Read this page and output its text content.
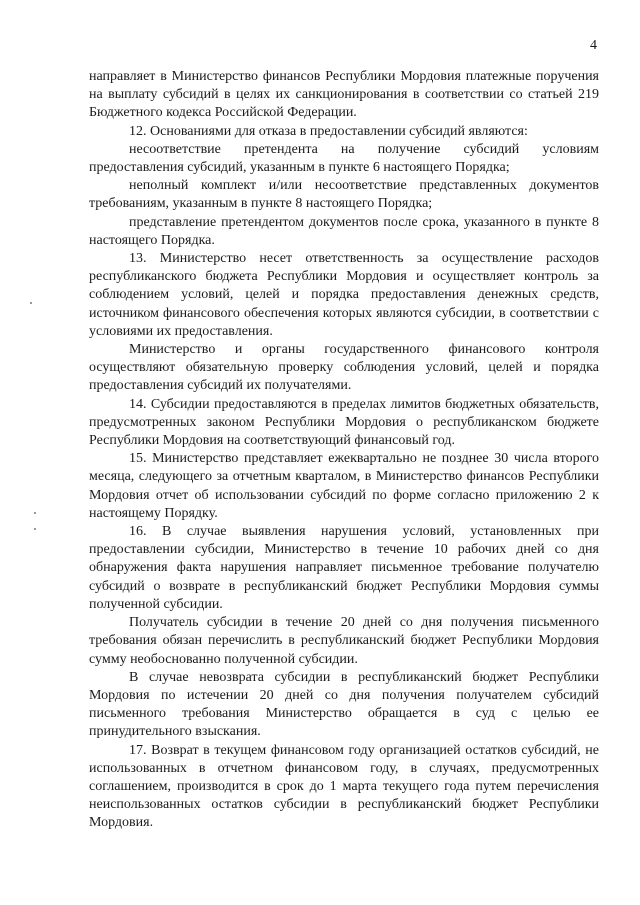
4

направляет в Министерство финансов Республики Мордовия платежные поручения на выплату субсидий в целях их санкционирования в соответствии со статьей 219 Бюджетного кодекса Российской Федерации.

12. Основаниями для отказа в предоставлении субсидий являются:

несоответствие претендента на получение субсидий условиям предоставления субсидий, указанным в пункте 6 настоящего Порядка;

неполный комплект и/или несоответствие представленных документов требованиям, указанным в пункте 8 настоящего Порядка;

представление претендентом документов после срока, указанного в пункте 8 настоящего Порядка.

13. Министерство несет ответственность за осуществление расходов республиканского бюджета Республики Мордовия и осуществляет контроль за соблюдением условий, целей и порядка предоставления денежных средств, источником финансового обеспечения которых являются субсидии, в соответствии с условиями их предоставления.

Министерство и органы государственного финансового контроля осуществляют обязательную проверку соблюдения условий, целей и порядка предоставления субсидий их получателями.

14. Субсидии предоставляются в пределах лимитов бюджетных обязательств, предусмотренных законом Республики Мордовия о республиканском бюджете Республики Мордовия на соответствующий финансовый год.

15. Министерство представляет ежеквартально не позднее 30 числа второго месяца, следующего за отчетным кварталом, в Министерство финансов Республики Мордовия отчет об использовании субсидий по форме согласно приложению 2 к настоящему Порядку.

16. В случае выявления нарушения условий, установленных при предоставлении субсидии, Министерство в течение 10 рабочих дней со дня обнаружения факта нарушения направляет письменное требование получателю субсидий о возврате в республиканский бюджет Республики Мордовия суммы полученной субсидии.

Получатель субсидии в течение 20 дней со дня получения письменного требования обязан перечислить в республиканский бюджет Республики Мордовия сумму необоснованно полученной субсидии.

В случае невозврата субсидии в республиканский бюджет Республики Мордовия по истечении 20 дней со дня получения получателем субсидий письменного требования Министерство обращается в суд с целью ее принудительного взыскания.

17. Возврат в текущем финансовом году организацией остатков субсидий, не использованных в отчетном финансовом году, в случаях, предусмотренных соглашением, производится в срок до 1 марта текущего года путем перечисления неиспользованных остатков субсидии в республиканский бюджет Республики Мордовия.
